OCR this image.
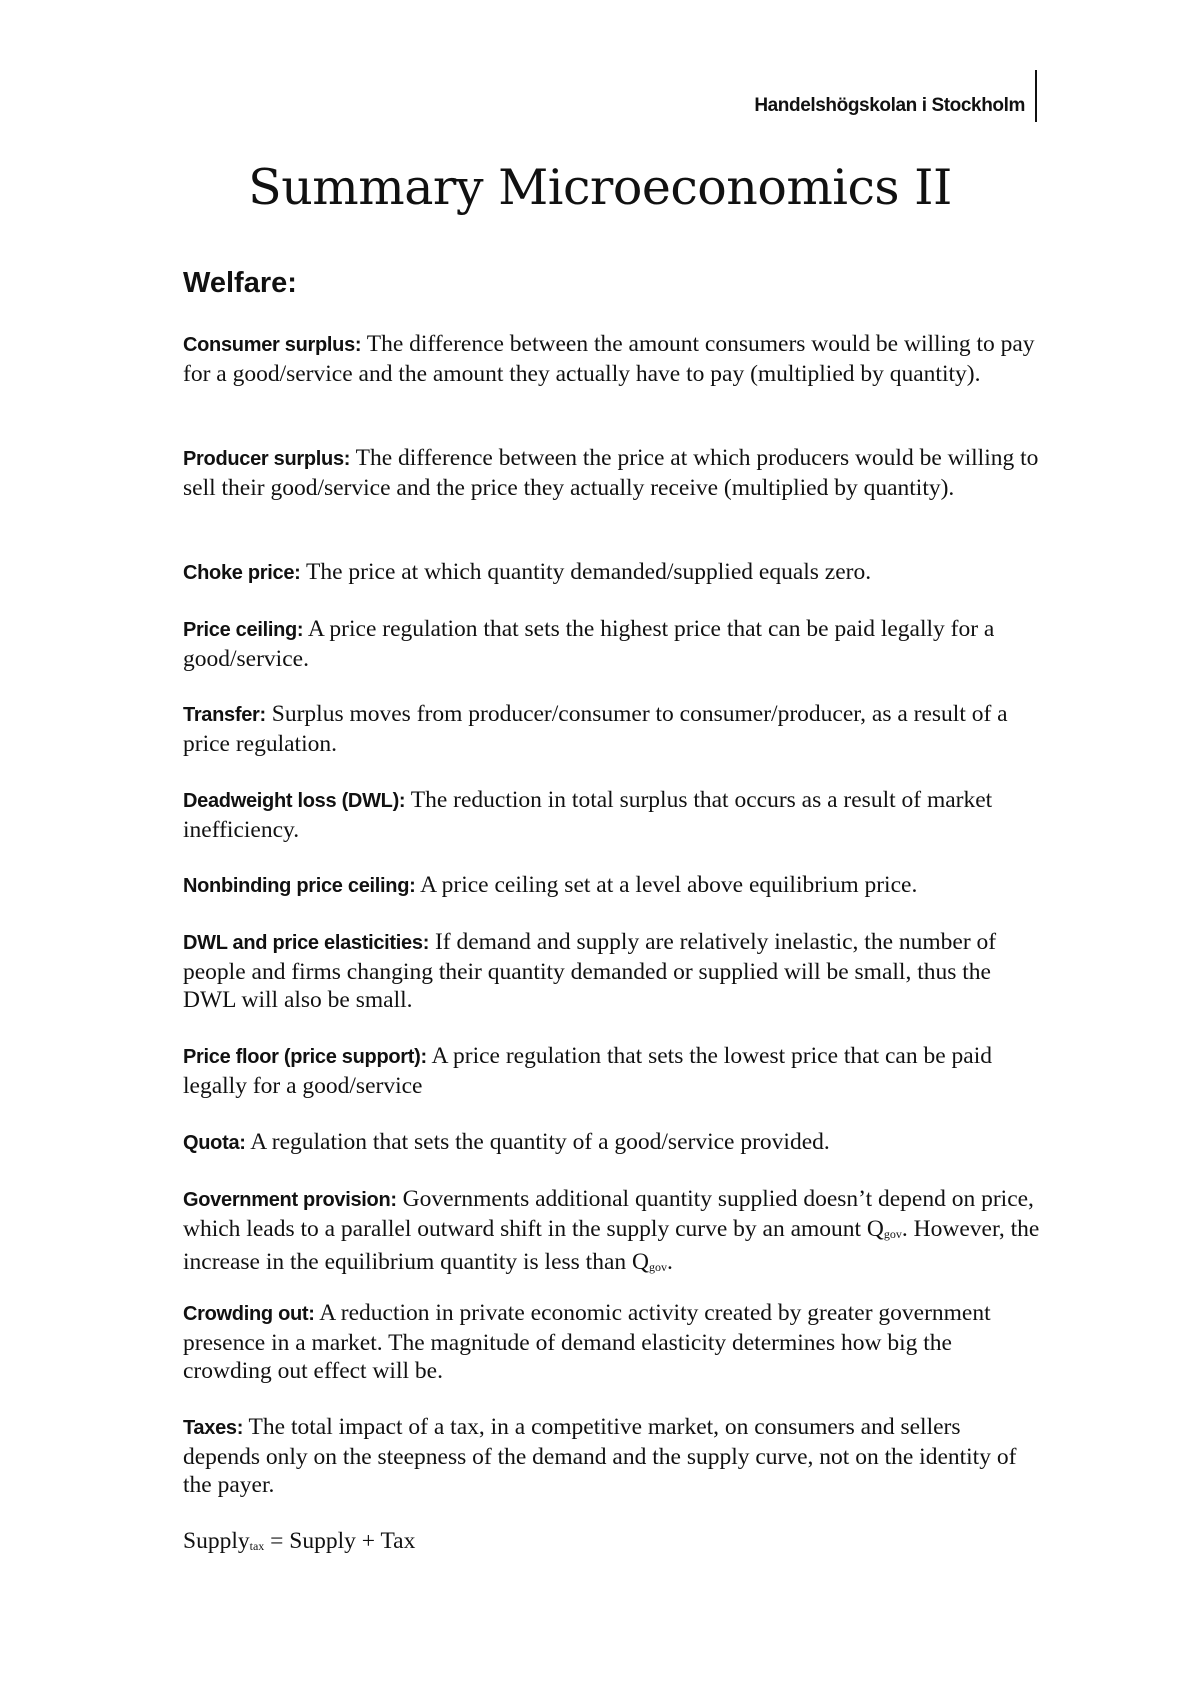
Handelshögskolan i Stockholm
Summary Microeconomics II
Welfare:

Consumer surplus: The difference between the amount consumers would be willing to pay for a good/service and the amount they actually have to pay (multiplied by quantity).

Producer surplus: The difference between the price at which producers would be willing to sell their good/service and the price they actually receive (multiplied by quantity).

Choke price: The price at which quantity demanded/supplied equals zero.

Price ceiling: A price regulation that sets the highest price that can be paid legally for a good/service.

Transfer: Surplus moves from producer/consumer to consumer/producer, as a result of a price regulation.

Deadweight loss (DWL): The reduction in total surplus that occurs as a result of market inefficiency.

Nonbinding price ceiling: A price ceiling set at a level above equilibrium price.

DWL and price elasticities: If demand and supply are relatively inelastic, the number of people and firms changing their quantity demanded or supplied will be small, thus the DWL will also be small.

Price floor (price support): A price regulation that sets the lowest price that can be paid legally for a good/service

Quota: A regulation that sets the quantity of a good/service provided.

Government provision: Governments additional quantity supplied doesn’t depend on price, which leads to a parallel outward shift in the supply curve by an amount Qgov. However, the increase in the equilibrium quantity is less than Qgov.

Crowding out: A reduction in private economic activity created by greater government presence in a market. The magnitude of demand elasticity determines how big the crowding out effect will be.

Taxes: The total impact of a tax, in a competitive market, on consumers and sellers depends only on the steepness of the demand and the supply curve, not on the identity of the payer.

Supplytax = Supply + Tax
